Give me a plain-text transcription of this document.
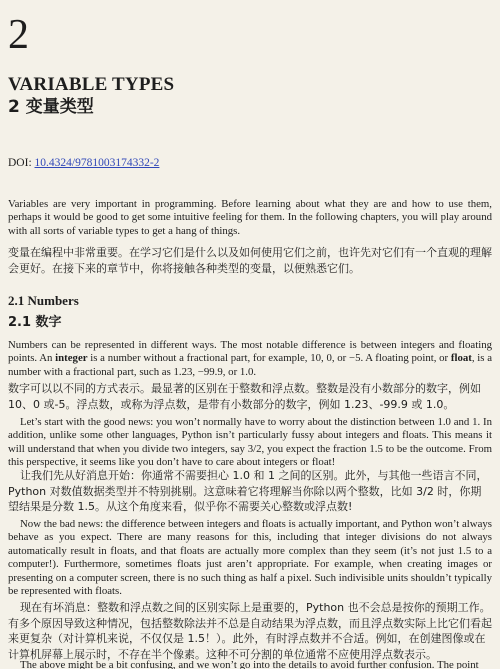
2
VARIABLE TYPES
2 变量类型

DOI: 10.4324/9781003174332-2

Variables are very important in programming. Before learning about what they are and how to use them, perhaps it would be good to get some intuitive feeling for them. In the following chapters, you will play around with all sorts of variable types to get a hang of things.

变量在编程中非常重要。在学习它们是什么以及如何使用它们之前，也许先对它们有一个直观的理解会更好。在接下来的章节中，你将接触各种类型的变量，以便熟悉它们。

2.1 Numbers
2.1 数字

Numbers can be represented in different ways. The most notable difference is between integers and floating points. An integer is a number without a fractional part, for example, 10, 0, or −5. A floating point, or float, is a number with a fractional part, such as 1.23, −99.9, or 1.0.

数字可以以不同的方式表示。最显著的区别在于整数和浮点数。整数是没有小数部分的数字，例如10、0 或-5。浮点数，或称为浮点数，是带有小数部分的数字，例如 1.23、-99.9 或 1.0。

Let’s start with the good news: you won’t normally have to worry about the distinction between 1.0 and 1. In addition, unlike some other languages, Python isn’t particularly fussy about integers and floats. This means it will understand that when you divide two integers, say 3/2, you expect the fraction 1.5 to be the outcome. From this perspective, it seems like you don’t have to care about integers or float!

让我们先从好消息开始：你通常不需要担心 1.0 和 1 之间的区别。此外，与其他一些语言不同，Python 对数值数据类型并不特别挑剔。这意味着它将理解当你除以两个整数，比如 3/2 时，你期望结果是分数 1.5。从这个角度来看，似乎你不需要关心整数或浮点数!

Now the bad news: the difference between integers and floats is actually important, and Python won’t always behave as you expect. There are many reasons for this, including that integer divisions do not always automatically result in floats, and that floats are actually more complex than they seem (it’s not just 1.5 to a computer!). Furthermore, sometimes floats just aren’t appropriate. For example, when creating images or presenting on a computer screen, there is no such thing as half a pixel. Such indivisible units shouldn’t typically be represented with floats.

现在有坏消息：整数和浮点数之间的区别实际上是重要的，Python 也不会总是按你的预期工作。有多个原因导致这种情况，包括整数除法并不总是自动结果为浮点数，而且浮点数实际上比它们看起来更复杂（对计算机来说，不仅仅是 1.5！）。此外，有时浮点数并不合适。例如，在创建图像或在计算机屏幕上展示时，不存在半个像素。这种不可分割的单位通常不应使用浮点数表示。

The above might be a bit confusing, and we won’t go into the details to avoid further confusion. The point
